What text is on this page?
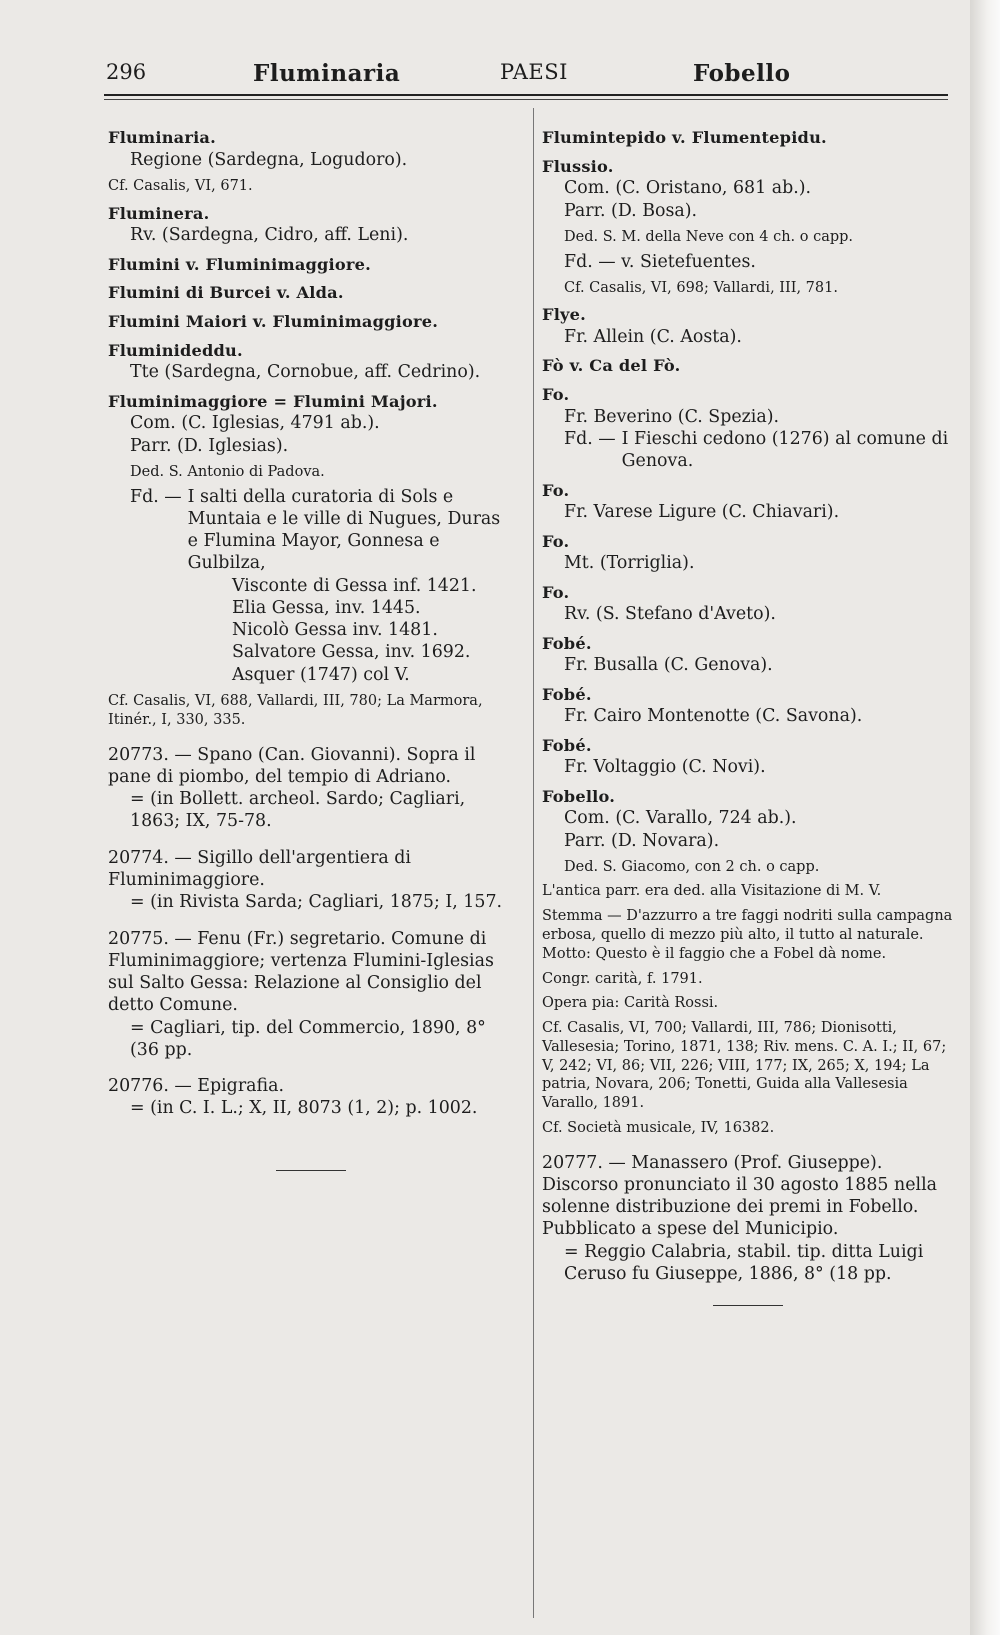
296	Fluminaria	PAESI	Fobello

Fluminaria.

Regione (Sardegna, Logudoro).

Cf. Casalis, VI, 671.

Fluminera.

Rv. (Sardegna, Cidro, aff. Leni).

Flumini v. Fluminimaggiore.

Flumini di Burcei v. Alda.

Flumini Maiori v. Fluminimaggiore.

Fluminideddu.

Tte (Sardegna, Cornobue, aff. Cedrino).

Fluminimaggiore = Flumini Majori.

Com. (C. Iglesias, 4791 ab.).

Parr. (D. Iglesias).

Ded. S. Antonio di Padova.

Fd. — I salti della curatoria di Sols e Muntaia e le ville di Nugues, Duras e Flumina Mayor, Gonnesa e Gulbilza,

Visconte di Gessa inf. 1421.

Elia Gessa, inv. 1445.

Nicolò Gessa inv. 1481.

Salvatore Gessa, inv. 1692.

Asquer (1747) col V.

Cf. Casalis, VI, 688, Vallardi, III, 780; La Marmora, Itinér., I, 330, 335.

20773. — Spano (Can. Giovanni). Sopra il pane di piombo, del tempio di Adriano.

= (in Bollett. archeol. Sardo; Cagliari, 1863; IX, 75-78.

20774. — Sigillo dell'argentiera di Fluminimaggiore.

= (in Rivista Sarda; Cagliari, 1875; I, 157.

20775. — Fenu (Fr.) segretario. Comune di Fluminimaggiore; vertenza Flumini-Iglesias sul Salto Gessa: Relazione al Consiglio del detto Comune.

= Cagliari, tip. del Commercio, 1890, 8° (36 pp.

20776. — Epigrafia.

= (in C. I. L.; X, II, 8073 (1, 2); p. 1002.

Flumintepido v. Flumentepidu.

Flussio.

Com. (C. Oristano, 681 ab.).

Parr. (D. Bosa).

Ded. S. M. della Neve con 4 ch. o capp.

Fd. — v. Sietefuentes.

Cf. Casalis, VI, 698; Vallardi, III, 781.

Flye.

Fr. Allein (C. Aosta).

Fò v. Ca del Fò.

Fo.

Fr. Beverino (C. Spezia).

Fd. — I Fieschi cedono (1276) al comune di Genova.

Fo.

Fr. Varese Ligure (C. Chiavari).

Fo.

Mt. (Torriglia).

Fo.

Rv. (S. Stefano d'Aveto).

Fobé.

Fr. Busalla (C. Genova).

Fobé.

Fr. Cairo Montenotte (C. Savona).

Fobé.

Fr. Voltaggio (C. Novi).

Fobello.

Com. (C. Varallo, 724 ab.).

Parr. (D. Novara).

Ded. S. Giacomo, con 2 ch. o capp.

L'antica parr. era ded. alla Visitazione di M. V.

Stemma — D'azzurro a tre faggi nodriti sulla campagna erbosa, quello di mezzo più alto, il tutto al naturale. Motto: Questo è il faggio che a Fobel dà nome.

Congr. carità, f. 1791.

Opera pia: Carità Rossi.

Cf. Casalis, VI, 700; Vallardi, III, 786; Dionisotti, Vallesesia; Torino, 1871, 138; Riv. mens. C. A. I.; II, 67; V, 242; VI, 86; VII, 226; VIII, 177; IX, 265; X, 194; La patria, Novara, 206; Tonetti, Guida alla Vallesesia Varallo, 1891.

Cf. Società musicale, IV, 16382.

20777. — Manassero (Prof. Giuseppe). Discorso pronunciato il 30 agosto 1885 nella solenne distribuzione dei premi in Fobello. Pubblicato a spese del Municipio.

= Reggio Calabria, stabil. tip. ditta Luigi Ceruso fu Giuseppe, 1886, 8° (18 pp.
